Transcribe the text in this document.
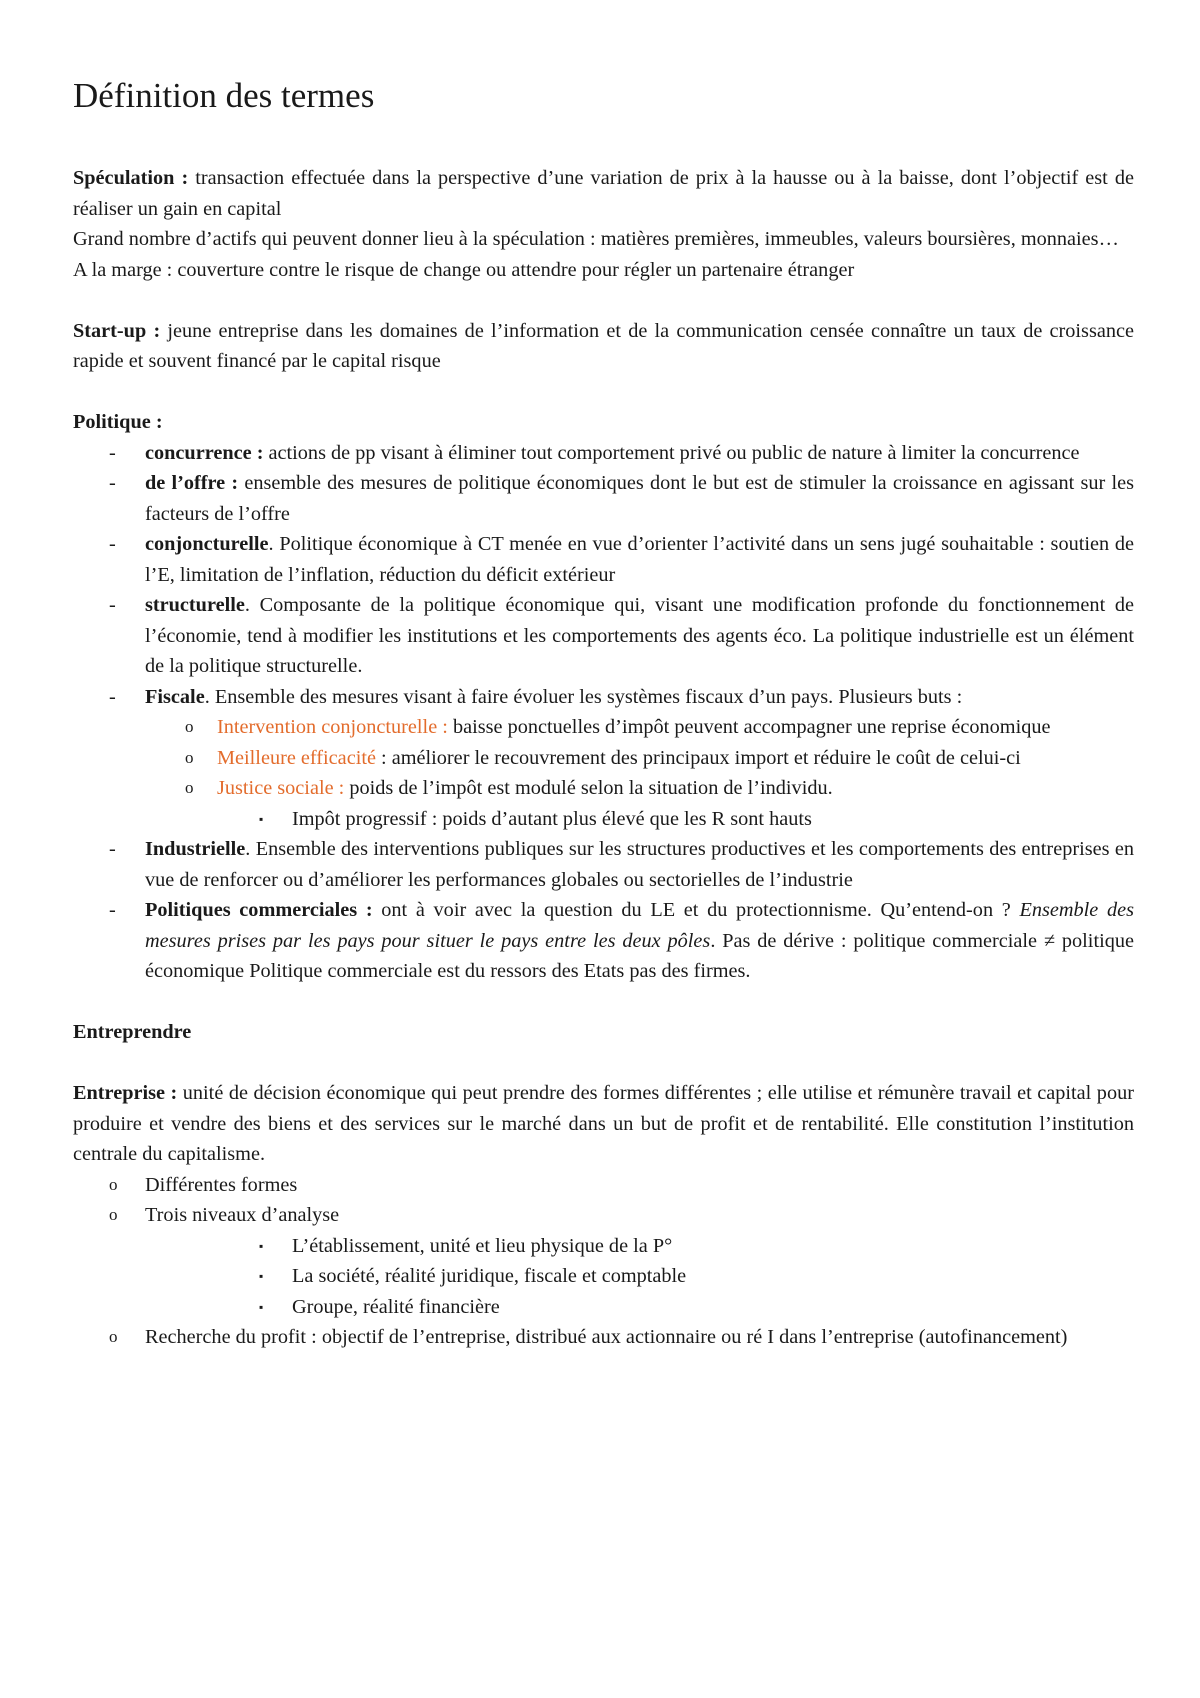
Définition des termes

Spéculation : transaction effectuée dans la perspective d’une variation de prix à la hausse ou à la baisse, dont l’objectif est de réaliser un gain en capital

Grand nombre d’actifs qui peuvent donner lieu à la spéculation : matières premières, immeubles, valeurs boursières, monnaies…

A la marge : couverture contre le risque de change ou attendre pour régler un partenaire étranger

Start-up : jeune entreprise dans les domaines de l’information et de la communication censée connaître un taux de croissance rapide et souvent financé par le capital risque

Politique :

- concurrence : actions de pp visant à éliminer tout comportement privé ou public de nature à limiter la concurrence
- de l’offre : ensemble des mesures de politique économiques dont le but est de stimuler la croissance en agissant sur les facteurs de l’offre
- conjoncturelle. Politique économique à CT menée en vue d’orienter l’activité dans un sens jugé souhaitable : soutien de l’E, limitation de l’inflation, réduction du déficit extérieur
- structurelle. Composante de la politique économique qui, visant une modification profonde du fonctionnement de l’économie, tend à modifier les institutions et les comportements des agents éco. La politique industrielle est un élément de la politique structurelle.
- Fiscale. Ensemble des mesures visant à faire évoluer les systèmes fiscaux d’un pays. Plusieurs buts :
o Intervention conjoncturelle : baisse ponctuelles d’impôt peuvent accompagner une reprise économique
o Meilleure efficacité : améliorer le recouvrement des principaux import et réduire le coût de celui-ci
o Justice sociale : poids de l’impôt est modulé selon la situation de l’individu.
▪ Impôt progressif : poids d’autant plus élevé que les R sont hauts
- Industrielle. Ensemble des interventions publiques sur les structures productives et les comportements des entreprises en vue de renforcer ou d’améliorer les performances globales ou sectorielles de l’industrie
- Politiques commerciales : ont à voir avec la question du LE et du protectionnisme. Qu’entend-on ? Ensemble des mesures prises par les pays pour situer le pays entre les deux pôles. Pas de dérive : politique commerciale ≠ politique économique Politique commerciale est du ressors des Etats pas des firmes.

Entreprendre

Entreprise : unité de décision économique qui peut prendre des formes différentes ; elle utilise et rémunère travail et capital pour produire et vendre des biens et des services sur le marché dans un but de profit et de rentabilité. Elle constitution l’institution centrale du capitalisme.

o Différentes formes
o Trois niveaux d’analyse
▪ L’établissement, unité et lieu physique de la P°
▪ La société, réalité juridique, fiscale et comptable
▪ Groupe, réalité financière
o Recherche du profit : objectif de l’entreprise, distribué aux actionnaire ou ré I dans l’entreprise (autofinancement)
